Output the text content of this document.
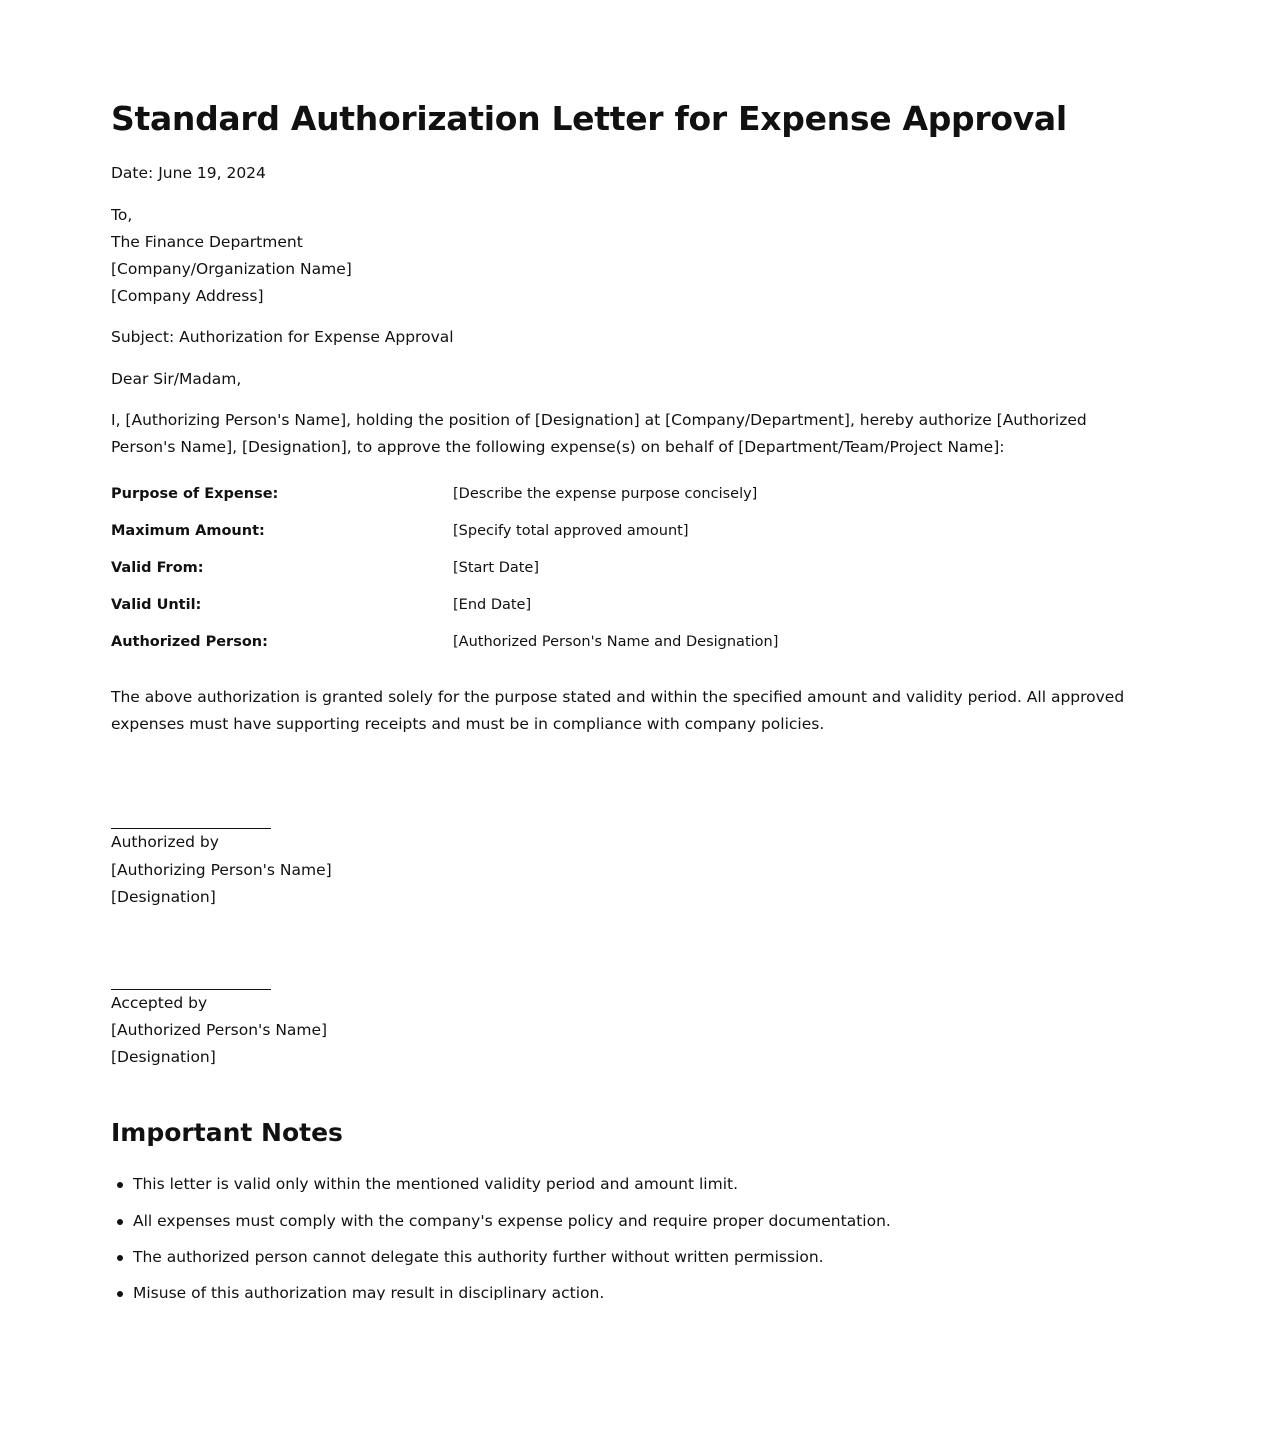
Standard Authorization Letter for Expense Approval

Date: June 19, 2024

To,

The Finance Department

[Company/Organization Name]

[Company Address]

Subject: Authorization for Expense Approval

Dear Sir/Madam,

I, [Authorizing Person's Name], holding the position of [Designation] at [Company/Department], hereby authorize [Authorized Person's Name], [Designation], to approve the following expense(s) on behalf of [Department/Team/Project Name]:

Purpose of Expense:	[Describe the expense purpose concisely]
Maximum Amount:	[Specify total approved amount]
Valid From:	[Start Date]
Valid Until:	[End Date]
Authorized Person:	[Authorized Person's Name and Designation]

The above authorization is granted solely for the purpose stated and within the specified amount and validity period. All approved expenses must have supporting receipts and must be in compliance with company policies.

Authorized by

[Authorizing Person's Name]

[Designation]

Accepted by

[Authorized Person's Name]

[Designation]

Important Notes
This letter is valid only within the mentioned validity period and amount limit.
All expenses must comply with the company's expense policy and require proper documentation.
The authorized person cannot delegate this authority further without written permission.
Misuse of this authorization may result in disciplinary action.
